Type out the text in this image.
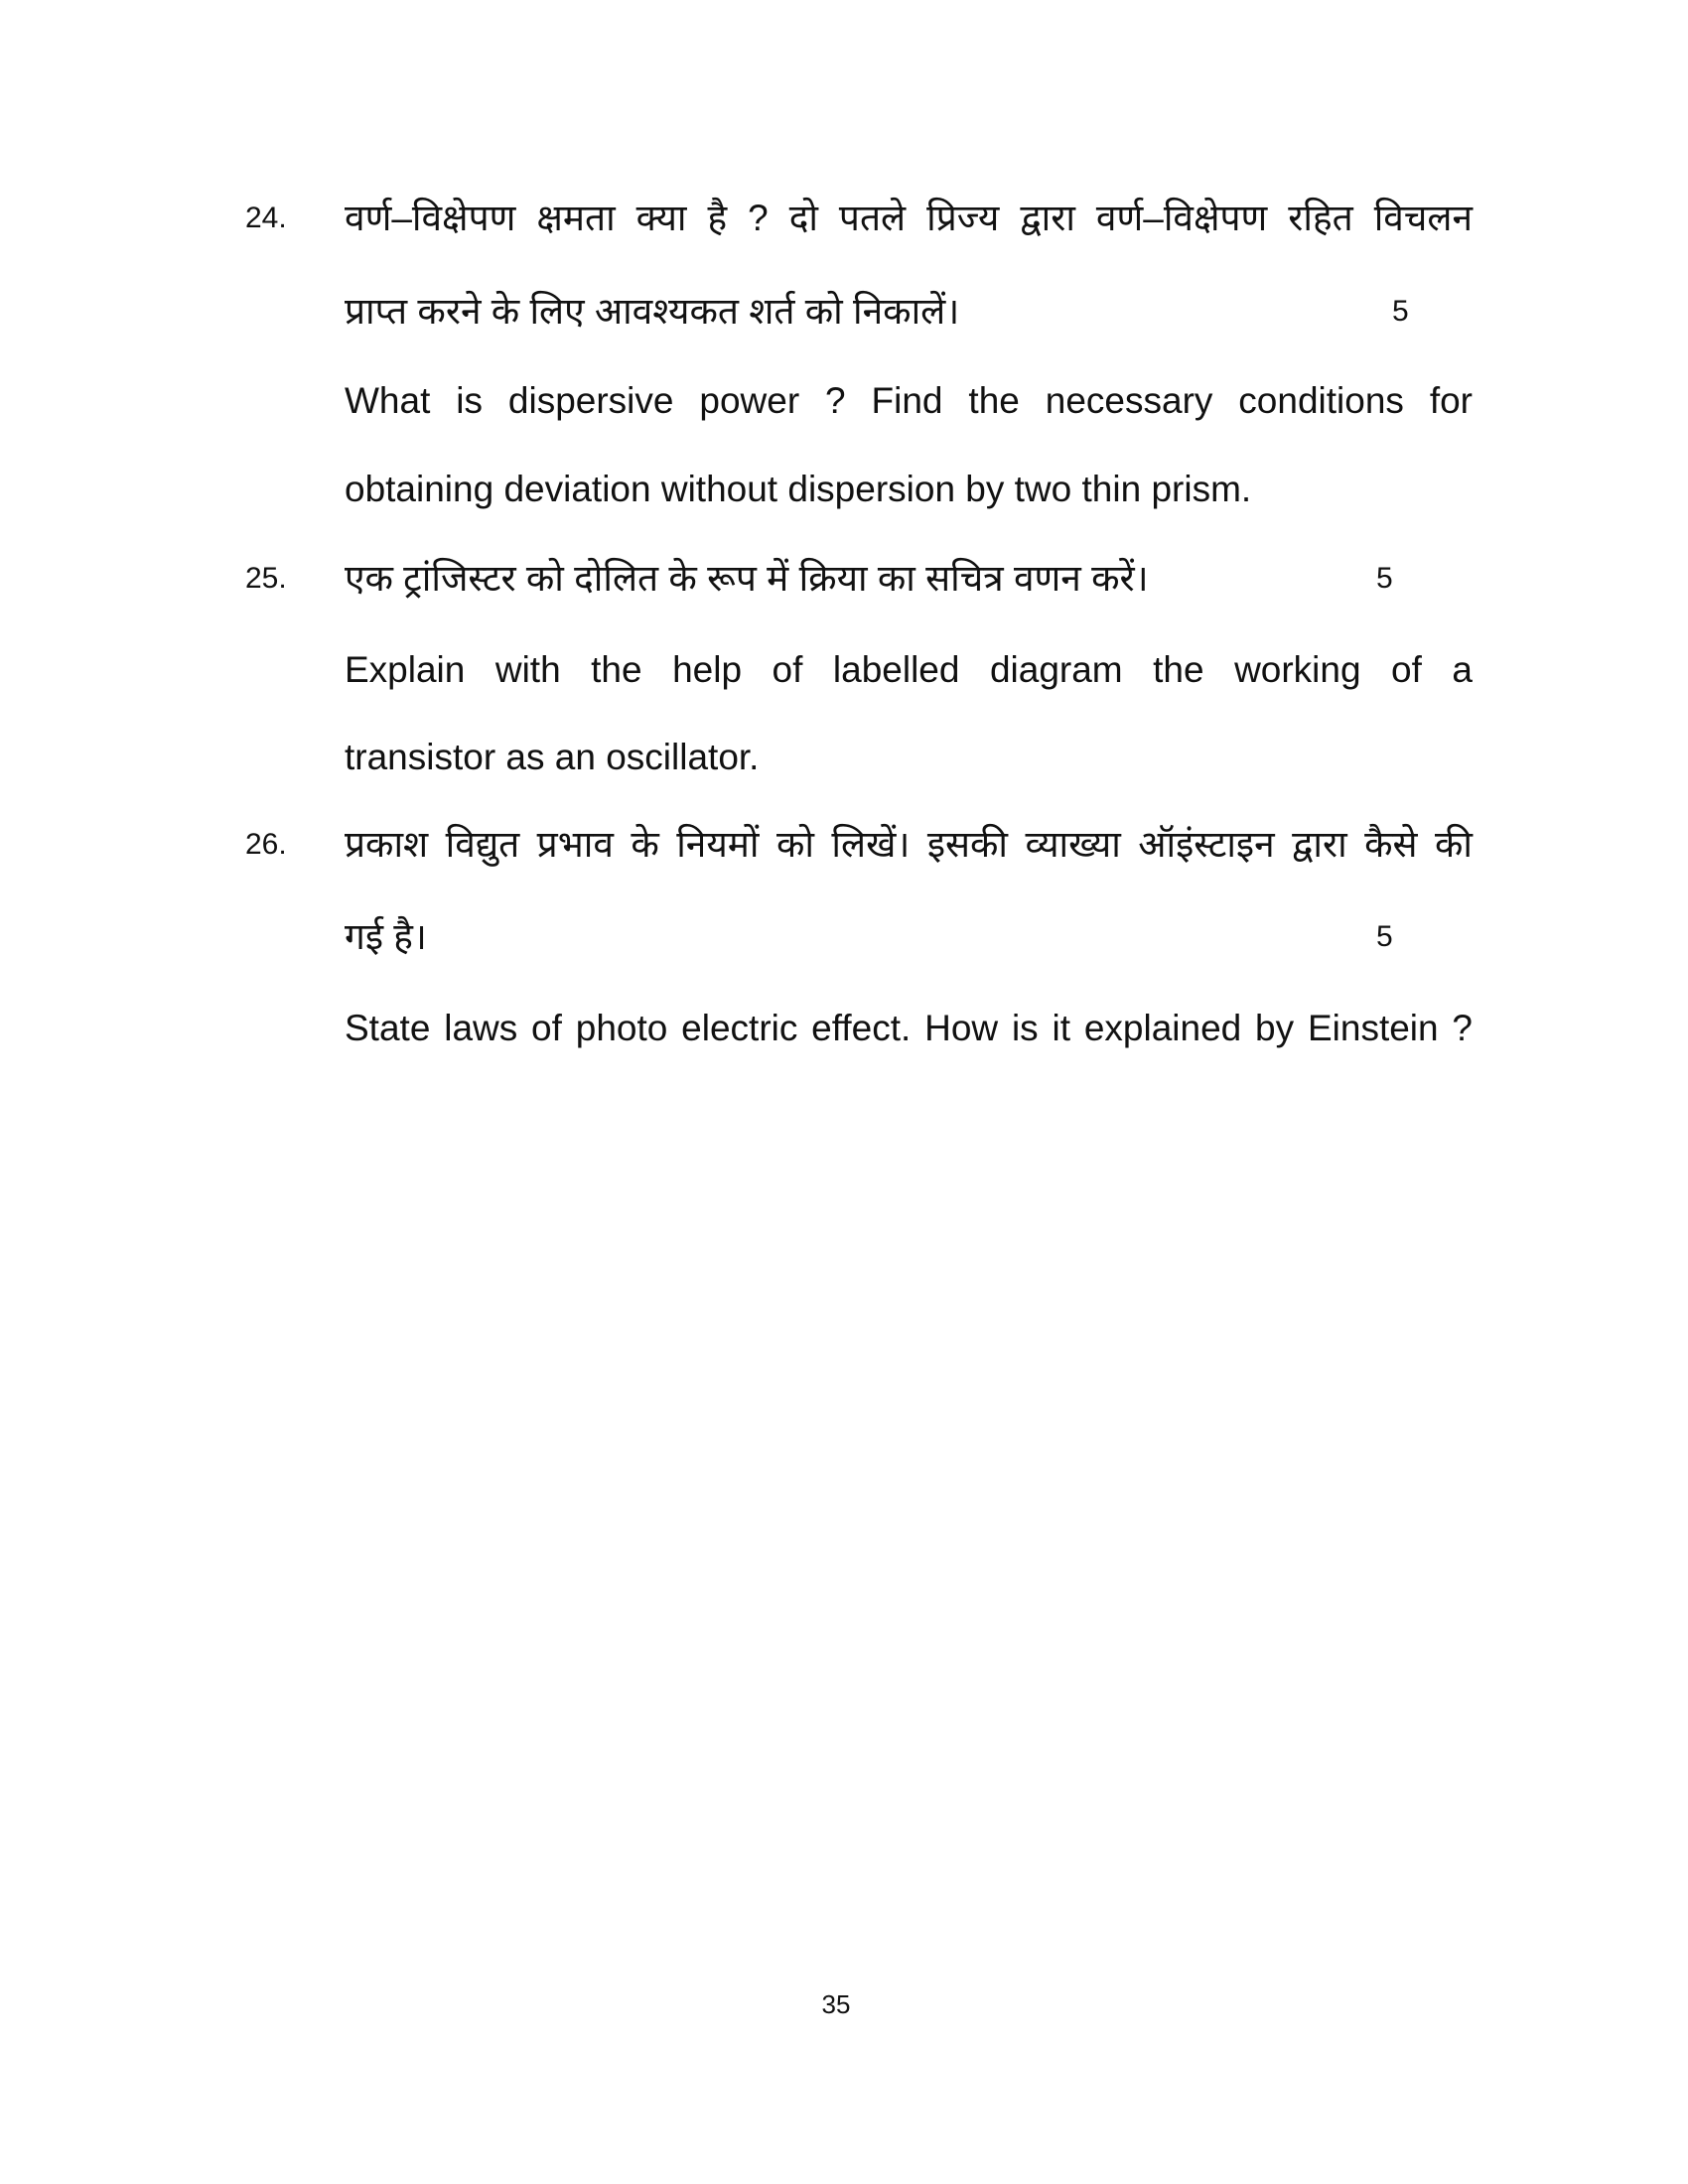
24. वर्ण–विक्षेपण क्षमता क्या है ? दो पतले प्रिज्य द्वारा वर्ण–विक्षेपण रहित विचलन
प्राप्त करने के लिए आवश्यकत शर्त को निकालें।	5
What is dispersive power ? Find the necessary conditions for
obtaining deviation without dispersion by two thin prism.
25. एक ट्रांजिस्टर को दोलित के रूप में क्रिया का सचित्र वणन करें।	5
Explain with the help of labelled diagram the working of a
transistor as an oscillator.
26. प्रकाश विद्युत प्रभाव के नियमों को लिखें। इसकी व्याख्या ऑइंस्टाइन द्वारा कैसे की
गई है।	5
State laws of photo electric effect. How is it explained by Einstein ?
35
